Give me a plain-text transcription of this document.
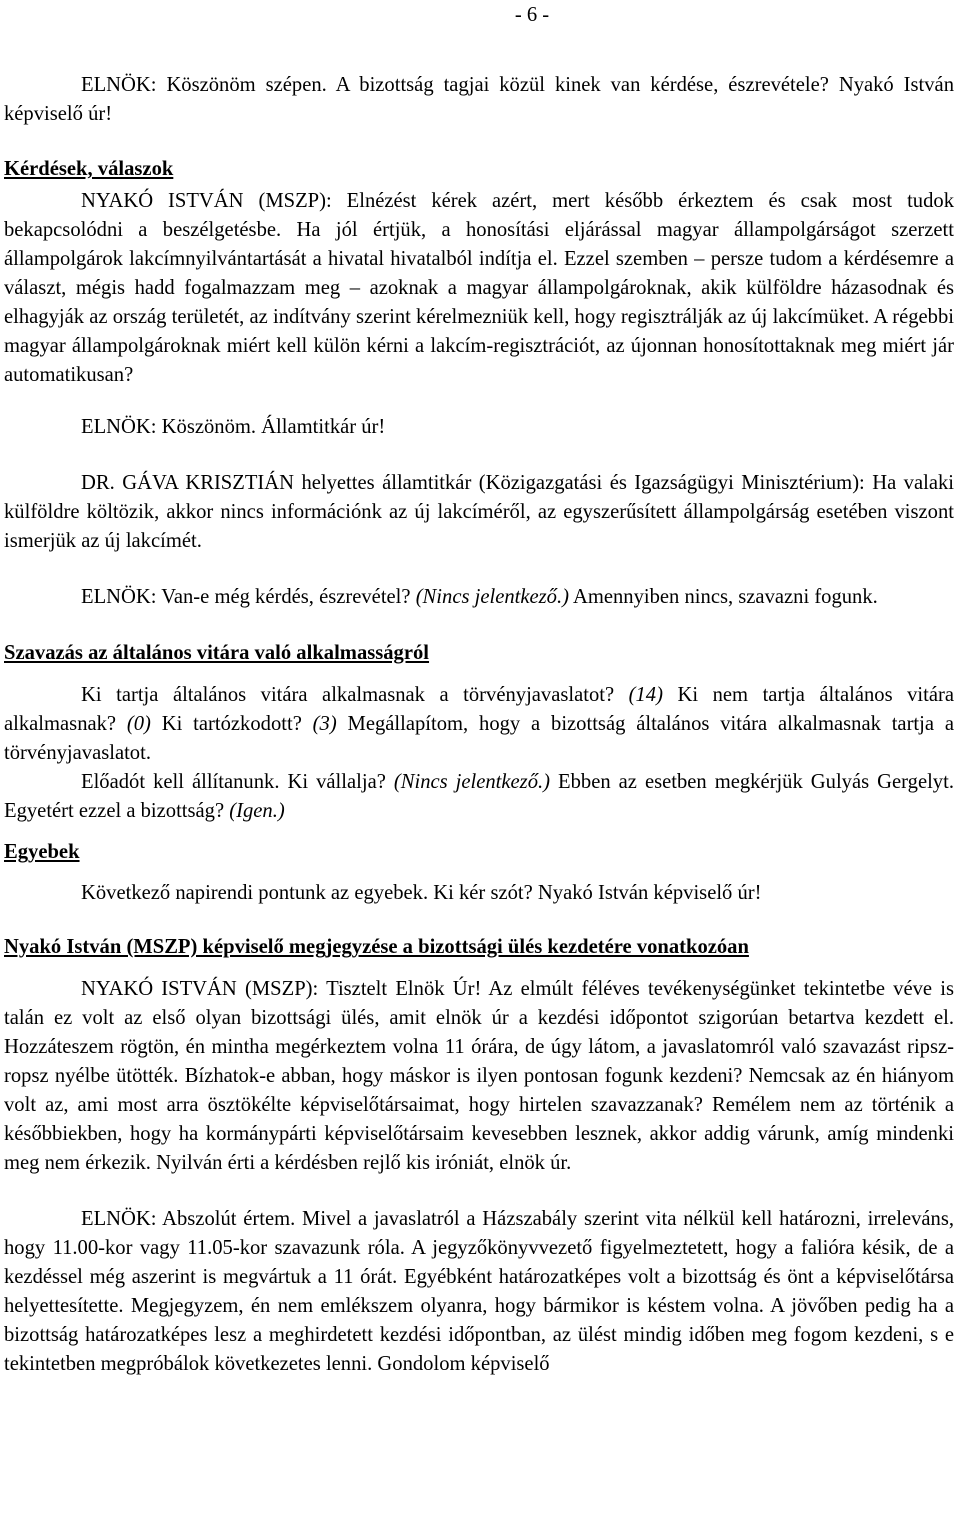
- 6 -

ELNÖK: Köszönöm szépen. A bizottság tagjai közül kinek van kérdése, észrevétele? Nyakó István képviselő úr!

Kérdések, válaszok

NYAKÓ ISTVÁN (MSZP): Elnézést kérek azért, mert később érkeztem és csak most tudok bekapcsolódni a beszélgetésbe. Ha jól értjük, a honosítási eljárással magyar állampolgárságot szerzett állampolgárok lakcímnyilvántartását a hivatal hivatalból indítja el. Ezzel szemben – persze tudom a kérdésemre a választ, mégis hadd fogalmazzam meg – azoknak a magyar állampolgároknak, akik külföldre házasodnak és elhagyják az ország területét, az indítvány szerint kérelmezniük kell, hogy regisztrálják az új lakcímüket. A régebbi magyar állampolgároknak miért kell külön kérni a lakcím-regisztrációt, az újonnan honosítottaknak meg miért jár automatikusan?

ELNÖK: Köszönöm. Államtitkár úr!

DR. GÁVA KRISZTIÁN helyettes államtitkár (Közigazgatási és Igazságügyi Minisztérium): Ha valaki külföldre költözik, akkor nincs információnk az új lakcíméről, az egyszerűsített állampolgárság esetében viszont ismerjük az új lakcímét.

ELNÖK: Van-e még kérdés, észrevétel? (Nincs jelentkező.) Amennyiben nincs, szavazni fogunk.

Szavazás az általános vitára való alkalmasságról

Ki tartja általános vitára alkalmasnak a törvényjavaslatot? (14) Ki nem tartja általános vitára alkalmasnak? (0) Ki tartózkodott? (3) Megállapítom, hogy a bizottság általános vitára alkalmasnak tartja a törvényjavaslatot.

Előadót kell állítanunk. Ki vállalja? (Nincs jelentkező.) Ebben az esetben megkérjük Gulyás Gergelyt. Egyetért ezzel a bizottság? (Igen.)

Egyebek

Következő napirendi pontunk az egyebek. Ki kér szót? Nyakó István képviselő úr!

Nyakó István (MSZP) képviselő megjegyzése a bizottsági ülés kezdetére vonatkozóan

NYAKÓ ISTVÁN (MSZP): Tisztelt Elnök Úr! Az elmúlt féléves tevékenységünket tekintetbe véve is talán ez volt az első olyan bizottsági ülés, amit elnök úr a kezdési időpontot szigorúan betartva kezdett el. Hozzáteszem rögtön, én mintha megérkeztem volna 11 órára, de úgy látom, a javaslatomról való szavazást ripsz-ropsz nyélbe ütötték. Bízhatok-e abban, hogy máskor is ilyen pontosan fogunk kezdeni? Nemcsak az én hiányom volt az, ami most arra ösztökélte képviselőtársaimat, hogy hirtelen szavazzanak? Remélem nem az történik a későbbiekben, hogy ha kormánypárti képviselőtársaim kevesebben lesznek, akkor addig várunk, amíg mindenki meg nem érkezik. Nyilván érti a kérdésben rejlő kis iróniát, elnök úr.

ELNÖK: Abszolút értem. Mivel a javaslatról a Házszabály szerint vita nélkül kell határozni, irreleváns, hogy 11.00-kor vagy 11.05-kor szavazunk róla. A jegyzőkönyvvezető figyelmeztetett, hogy a falióra késik, de a kezdéssel még aszerint is megvártuk a 11 órát. Egyébként határozatképes volt a bizottság és önt a képviselőtársa helyettesítette. Megjegyzem, én nem emlékszem olyanra, hogy bármikor is késtem volna. A jövőben pedig ha a bizottság határozatképes lesz a meghirdetett kezdési időpontban, az ülést mindig időben meg fogom kezdeni, s e tekintetben megpróbálok következetes lenni. Gondolom képviselő
